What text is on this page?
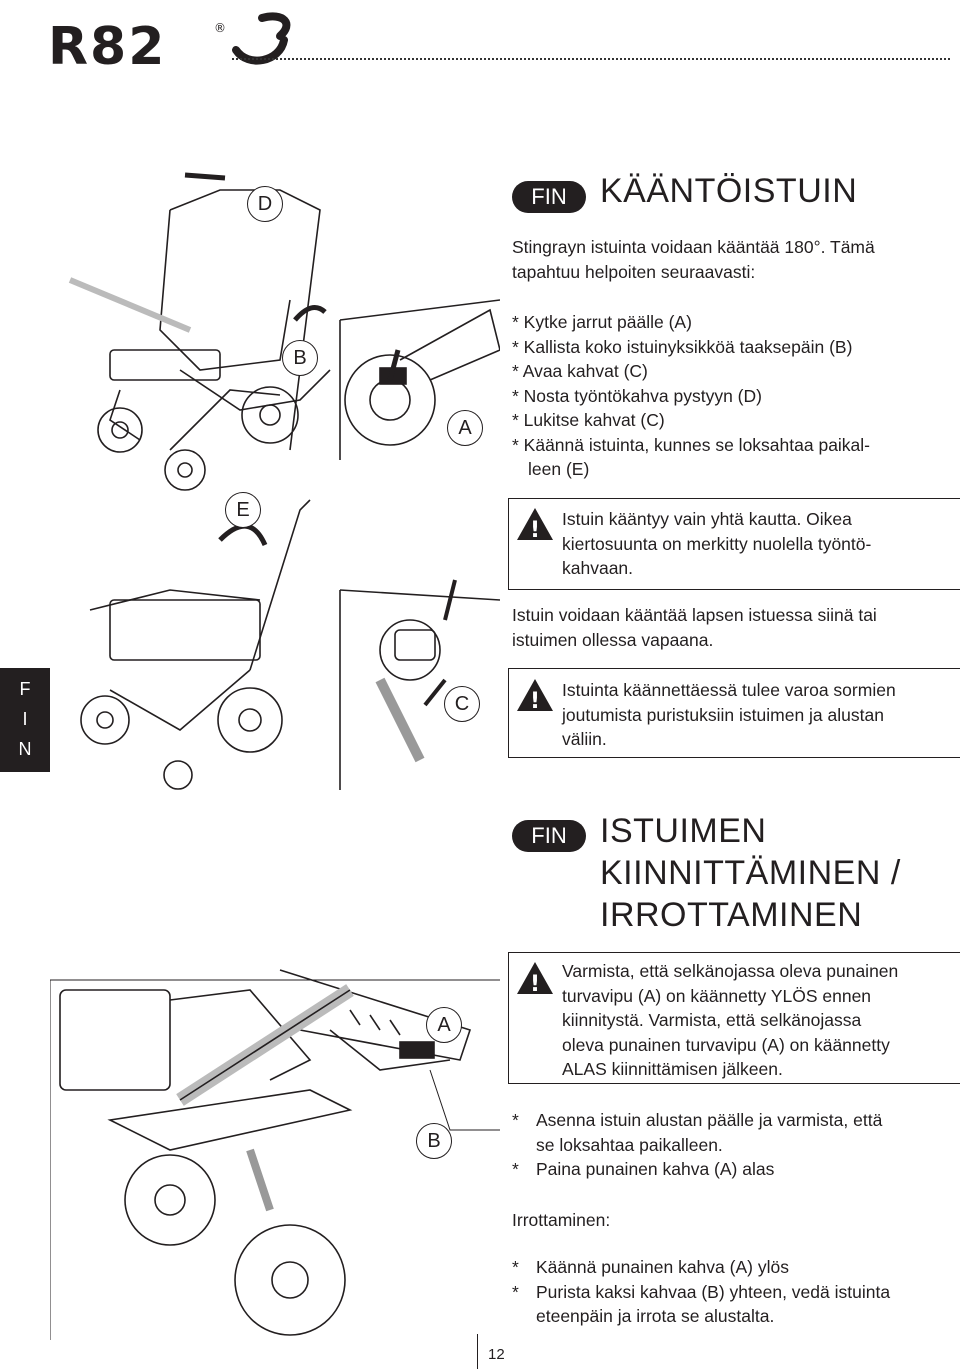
R82	®
F
I
N
D
B
A
E
C
FIN KÄÄNTÖISTUIN

Stingrayn istuinta voidaan kääntää 180°. Tämä

tapahtuu helpoiten seuraavasti:

* Kytke jarrut päälle (A)

* Kallista koko istuinyksikköä taaksepäin (B)

* Avaa kahvat (C)

* Nosta työntökahva pystyyn (D)

* Lukitse kahvat (C)

* Käännä istuinta, kunnes se loksahtaa paikal-

leen (E)

! Istuin kääntyy vain yhtä kautta. Oikea
kiertosuunta on merkitty nuolella työntö-
kahvaan.

Istuin voidaan kääntää lapsen istuessa siinä tai

istuimen ollessa vapaana.

! Istuinta käännettäessä tulee varoa sormien
joutumista puristuksiin istuimen ja alustan
väliin.
FIN ISTUIMEN
KIINNITTÄMINEN /
IRROTTAMINEN
A
B
!
Varmista, että selkänojassa oleva punainen
turvavipu (A) on käännetty YLÖS ennen
kiinnitystä. Varmista, että selkänojassa
oleva punainen turvavipu (A) on käännetty
ALAS kiinnittämisen jälkeen.
* Asenna istuin alustan päälle ja varmista, että
se loksahtaa paikalleen.
* Paina punainen kahva (A) alas
Irrottaminen:
* Käännä punainen kahva (A) ylös
* Purista kaksi kahvaa (B) yhteen, vedä istuinta
eteenpäin ja irrota se alustalta.
12
